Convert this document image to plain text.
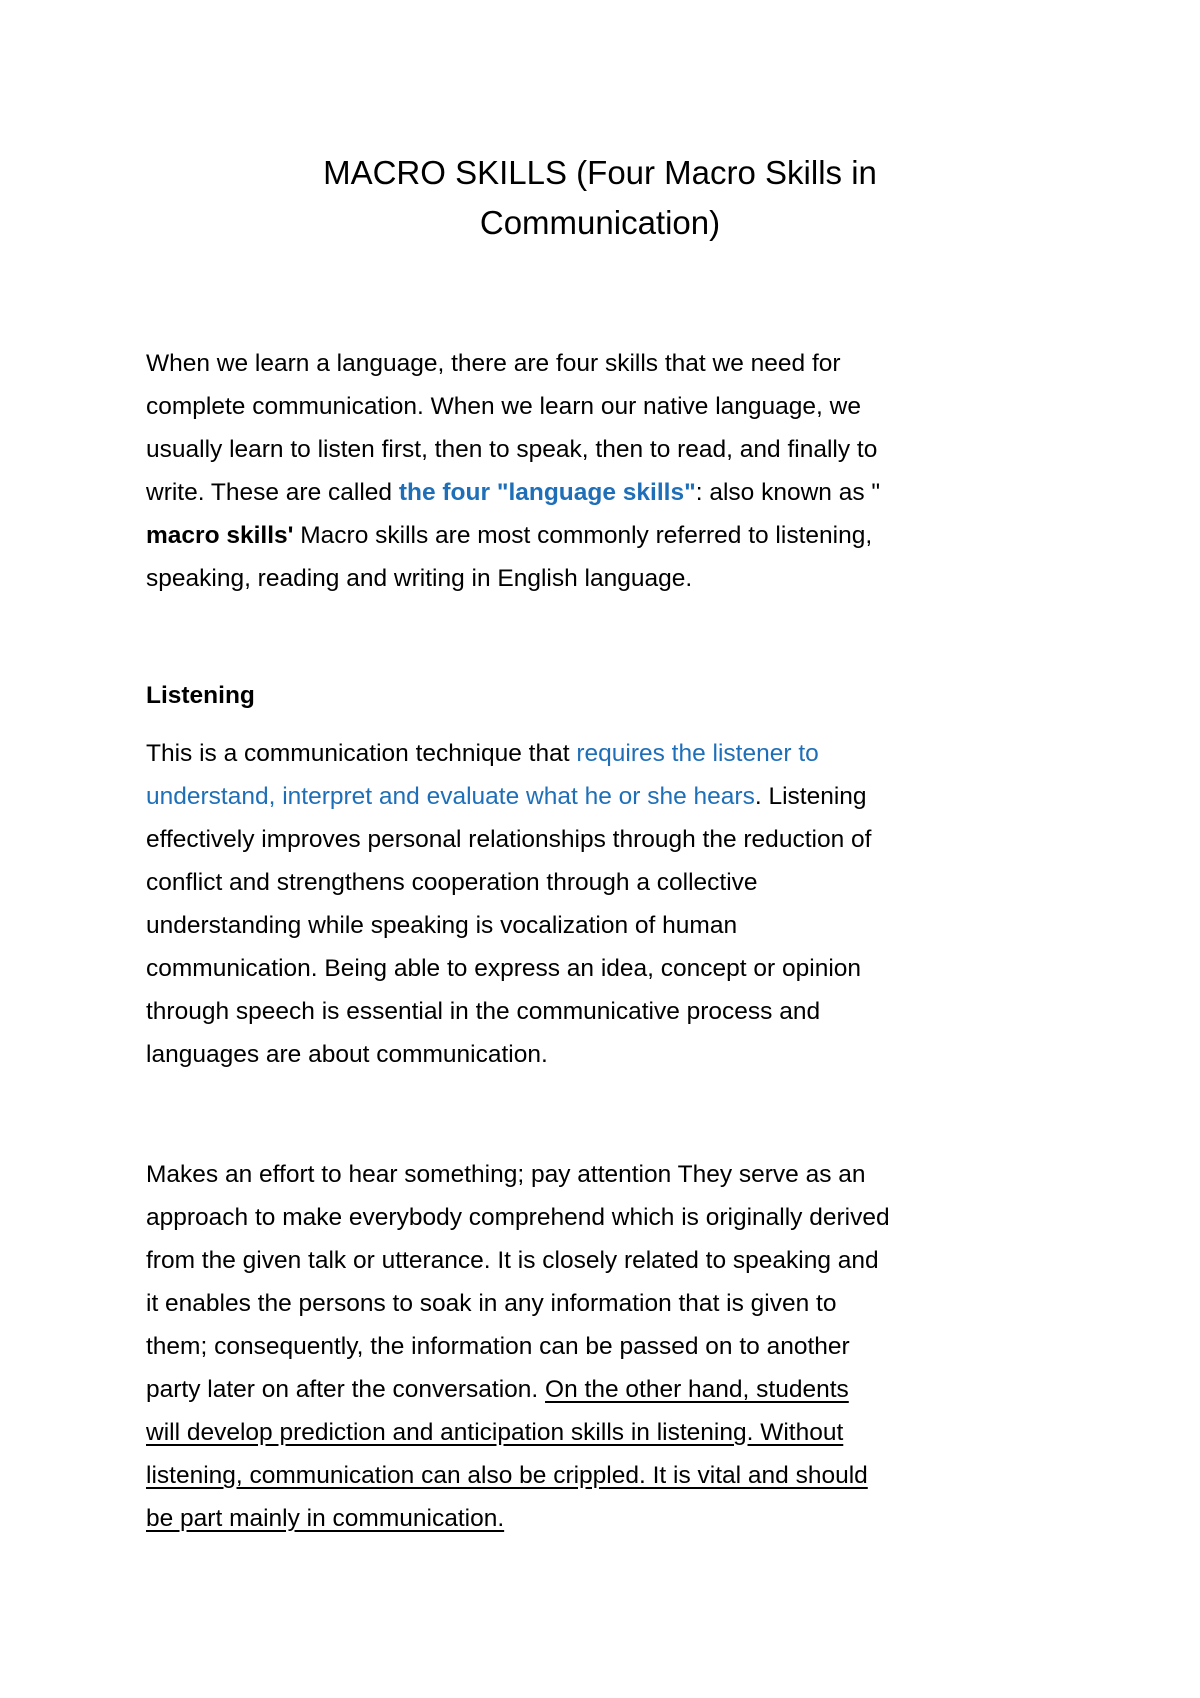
MACRO SKILLS (Four Macro Skills in
Communication)

When we learn a language, there are four skills that we need for
complete communication. When we learn our native language, we
usually learn to listen first, then to speak, then to read, and finally to
write. These are called the four "language skills": also known as "
macro skills' Macro skills are most commonly referred to listening,
speaking, reading and writing in English language.

Listening

This is a communication technique that requires the listener to
understand, interpret and evaluate what he or she hears. Listening
effectively improves personal relationships through the reduction of
conflict and strengthens cooperation through a collective
understanding while speaking is vocalization of human
communication. Being able to express an idea, concept or opinion
through speech is essential in the communicative process and
languages are about communication.

Makes an effort to hear something; pay attention They serve as an
approach to make everybody comprehend which is originally derived
from the given talk or utterance. It is closely related to speaking and
it enables the persons to soak in any information that is given to
them; consequently, the information can be passed on to another
party later on after the conversation. On the other hand, students
will develop prediction and anticipation skills in listening. Without
listening, communication can also be crippled. It is vital and should
be part mainly in communication.
